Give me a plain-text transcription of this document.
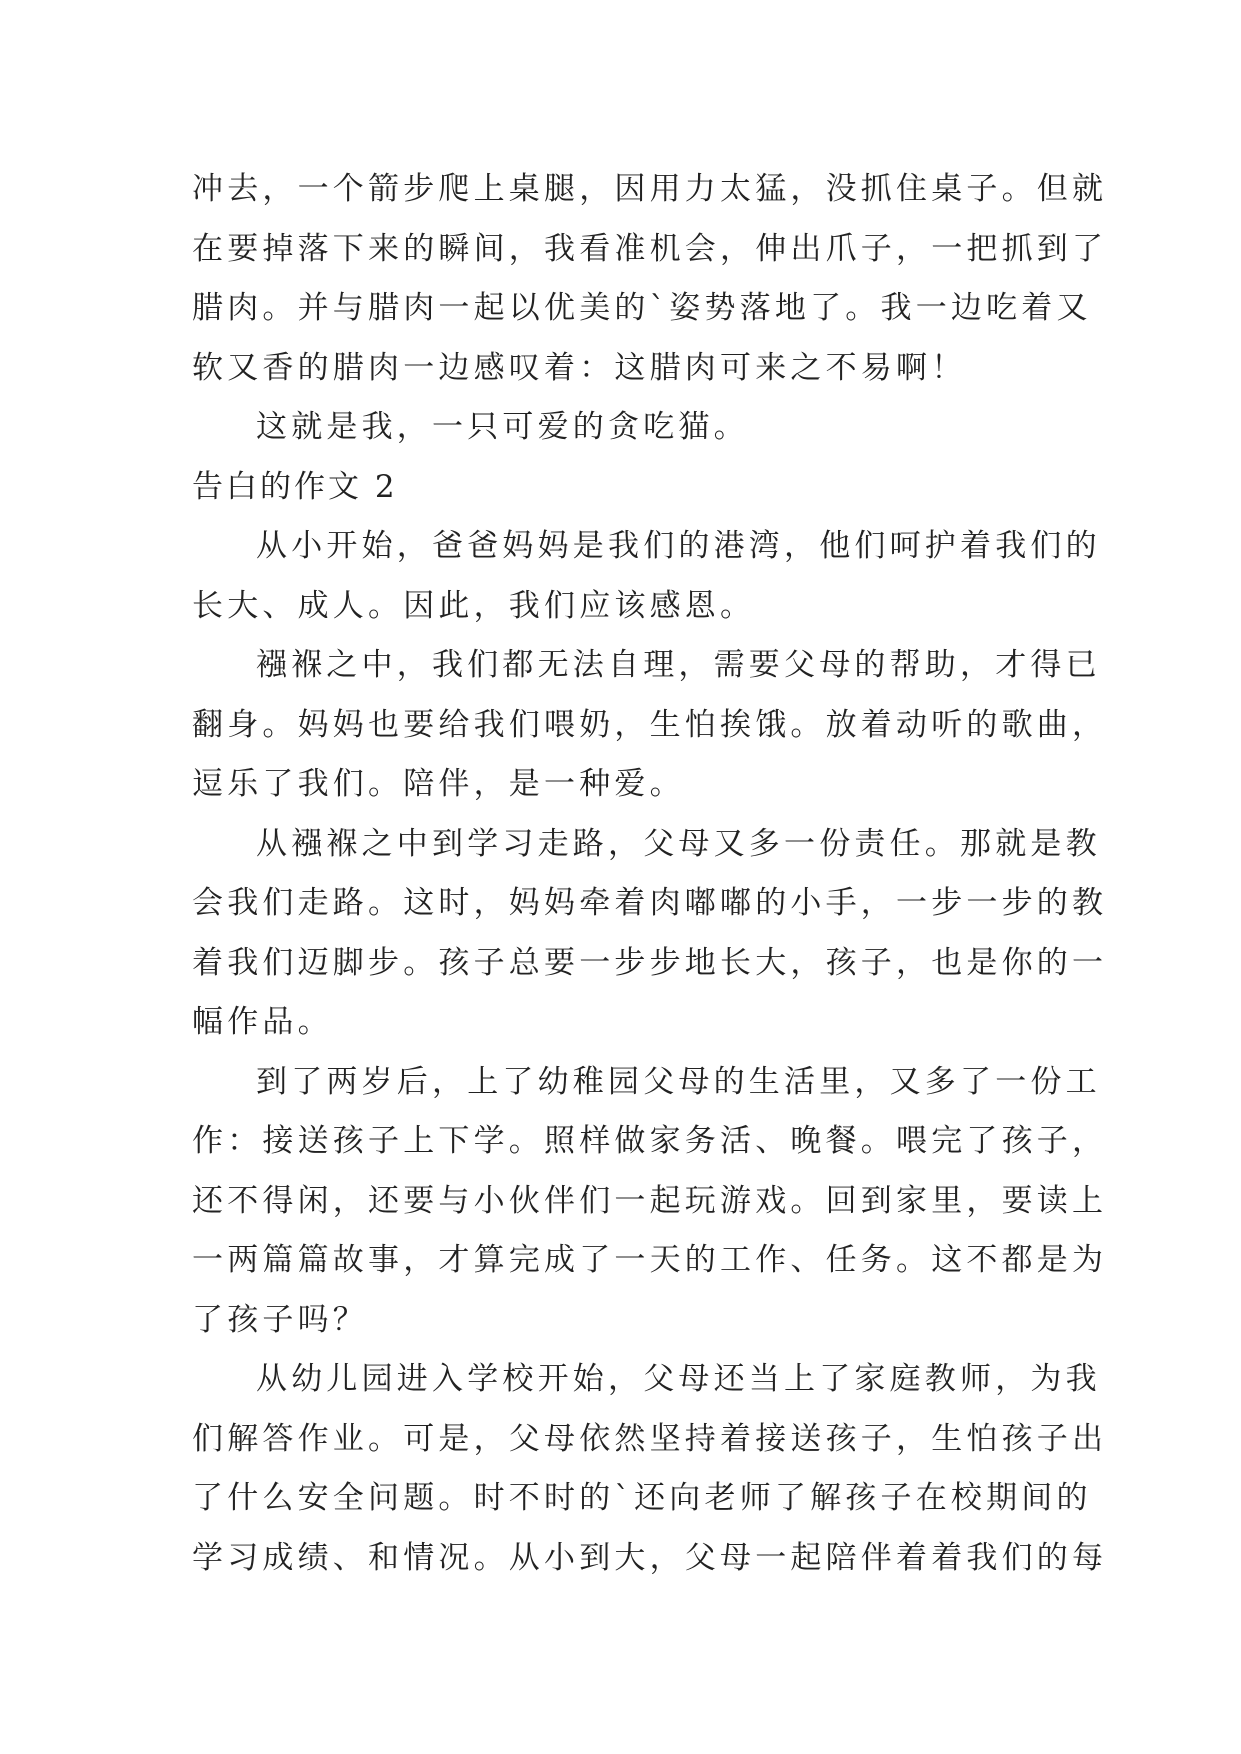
冲去，一个箭步爬上桌腿，因用力太猛，没抓住桌子。但就
在要掉落下来的瞬间，我看准机会，伸出爪子，一把抓到了
腊肉。并与腊肉一起以优美的`姿势落地了。我一边吃着又
软又香的腊肉一边感叹着：这腊肉可来之不易啊！
这就是我，一只可爱的贪吃猫。
告白的作文 2
从小开始，爸爸妈妈是我们的港湾，他们呵护着我们的
长大、成人。因此，我们应该感恩。
襁褓之中，我们都无法自理，需要父母的帮助，才得已
翻身。妈妈也要给我们喂奶，生怕挨饿。放着动听的歌曲，
逗乐了我们。陪伴，是一种爱。
从襁褓之中到学习走路，父母又多一份责任。那就是教
会我们走路。这时，妈妈牵着肉嘟嘟的小手，一步一步的教
着我们迈脚步。孩子总要一步步地长大，孩子，也是你的一
幅作品。
到了两岁后，上了幼稚园父母的生活里，又多了一份工
作：接送孩子上下学。照样做家务活、晚餐。喂完了孩子，
还不得闲，还要与小伙伴们一起玩游戏。回到家里，要读上
一两篇篇故事，才算完成了一天的工作、任务。这不都是为
了孩子吗？
从幼儿园进入学校开始，父母还当上了家庭教师，为我
们解答作业。可是，父母依然坚持着接送孩子，生怕孩子出
了什么安全问题。时不时的`还向老师了解孩子在校期间的
学习成绩、和情况。从小到大，父母一起陪伴着着我们的每
